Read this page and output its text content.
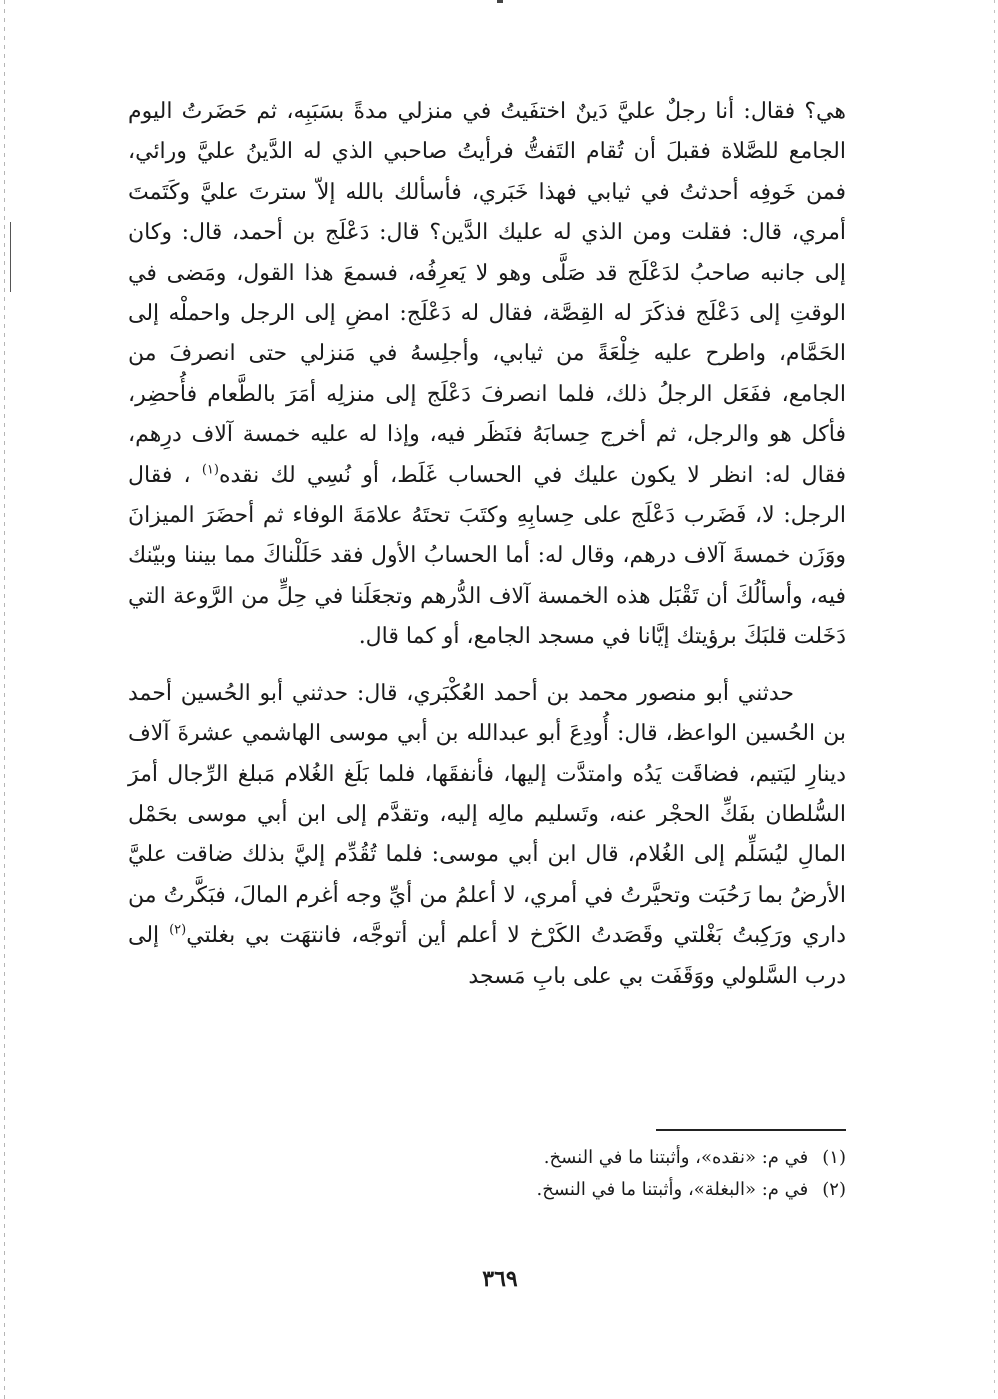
هي؟ فقال: أنا رجلٌ عليَّ دَينٌ اختفَيتُ في منزلي مدةً بسَبَبِه، ثم حَضَرتُ اليوم الجامع للصَّلاة فقبلَ أن تُقام التَفتُّ فرأيتُ صاحبي الذي له الدَّينُ عليَّ ورائي، فمن خَوفِه أحدثتُ في ثيابي فهذا خَبَري، فأسألك بالله إلاّ سترتَ عليَّ وكَتَمتَ أمري، قال: فقلت ومن الذي له عليك الدَّين؟ قال: دَعْلَج بن أحمد، قال: وكان إلى جانبه صاحبُ لدَعْلَج قد صَلَّى وهو لا يَعرِفُه، فسمعَ هذا القول، ومَضى في الوقتِ إلى دَعْلَج فذكَرَ له القِصَّة، فقال له دَعْلَج: امضِ إلى الرجل واحملْه إلى الحَمَّام، واطرح عليه خِلْعَةً من ثيابي، وأجلِسهُ في مَنزلي حتى انصرفَ من الجامع، ففَعَل الرجلُ ذلك، فلما انصرفَ دَعْلَج إلى منزلِه أمَرَ بالطَّعام فأُحضِر، فأكل هو والرجل، ثم أخرج حِسابَهُ فنَظَر فيه، وإذا له عليه خمسة آلاف درِهم، فقال له: انظر لا يكون عليك في الحساب غَلَط، أو نُسِي لك نقده$^{(١)}$ ، فقال الرجل: لا، فَضَرب دَعْلَج على حِسابِهِ وكتَبَ تحتَهُ علامَةَ الوفاء ثم أحضَرَ الميزانَ ووَزَن خمسةَ آلاف درهم، وقال له: أما الحسابُ الأول فقد حَلَلْناكَ مما بيننا وبيّنك فيه، وأسألُكَ أن تَقْبَل هذه الخمسة آلاف الدُّرهم وتجعَلَنا في حِلٍّ من الرَّوعة التي دَخَلت قلبَكَ برؤيتك إيَّانا في مسجد الجامع، أو كما قال.

حدثني أبو منصور محمد بن أحمد العُكْبَري، قال: حدثني أبو الحُسين أحمد بن الحُسين الواعظ، قال: أُودِعَ أبو عبدالله بن أبي موسى الهاشمي عشرةَ آلاف دينارِ ليَتيم، فضاقَت يَدُه وامتدَّت إليها، فأنفقَها، فلما بَلَغ الغُلام مَبلغ الرِّجال أمرَ السُّلطان بفَكِّ الحجْر عنه، وتَسليم مالِه إليه، وتقدَّم إلى ابن أبي موسى بحَمْل المالِ ليُسَلِّم إلى الغُلام، قال ابن أبي موسى: فلما تُقُدِّم إليَّ بذلك ضاقت عليَّ الأرضُ بما رَحُبَت وتحيَّرتُ في أمري، لا أعلمُ من أيِّ وجه أغرم المالَ، فبَكَّرتُ من داري ورَكِبتُ بَغْلتي وقَصَدتُ الكَرْخ لا أعلم أين أتوجَّه، فانتهَت بي بغلتي$^{(٢)}$ إلى درب السَّلولي ووَقَفَت بي على بابِ مَسجد

(١)
في م: «نقده»، وأثبتنا ما في النسخ.
(٢)
في م: «البغلة»، وأثبتنا ما في النسخ.
٣٦٩
